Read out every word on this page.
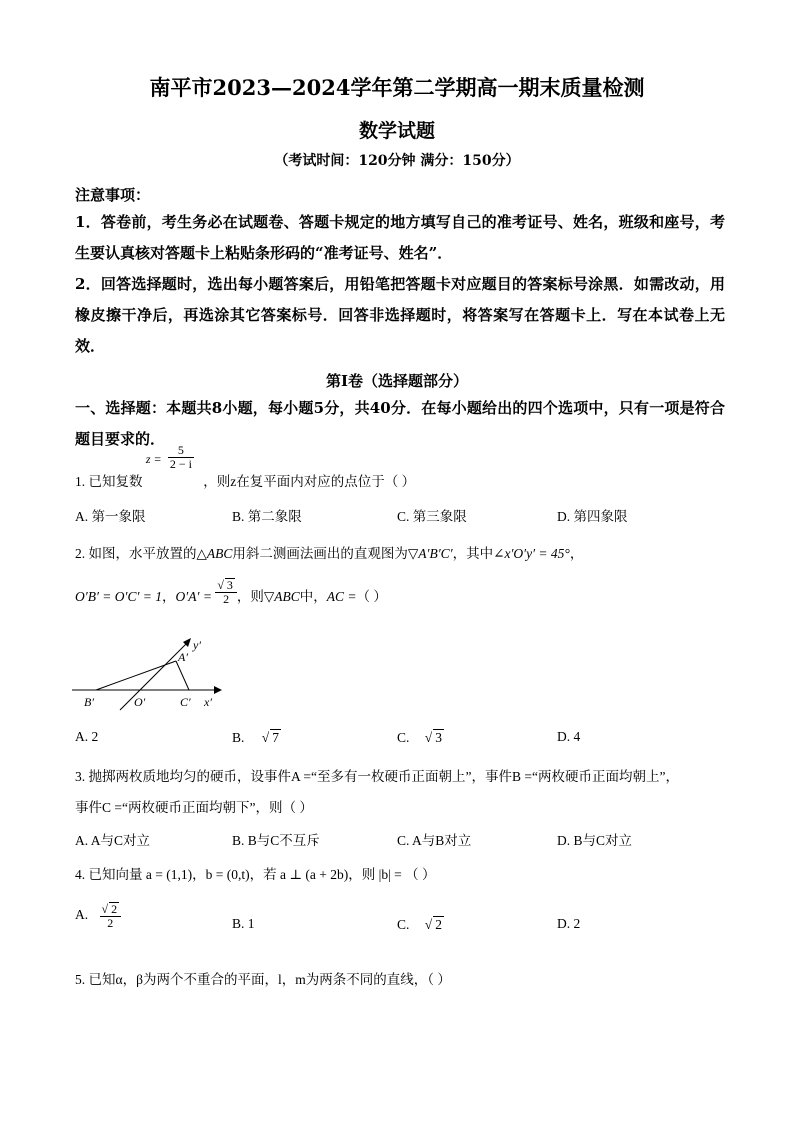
南平市2023—2024学年第二学期高一期末质量检测
数学试题
（考试时间：120分钟 满分：150分）
注意事项：
1．答卷前，考生务必在试题卷、答题卡规定的地方填写自己的准考证号、姓名，班级和座号，考生要认真核对答题卡上粘贴条形码的“准考证号、姓名”．
2．回答选择题时，选出每小题答案后，用铅笔把答题卡对应题目的答案标号涂黑．如需改动，用橡皮擦干净后，再选涂其它答案标号．回答非选择题时，将答案写在答题卡上．写在本试卷上无效．
第Ⅰ卷（选择题部分）
一、选择题：本题共8小题，每小题5分，共40分．在每小题给出的四个选项中，只有一项是符合题目要求的．
1. 已知复数
$z = \frac{5}{2 - i}$
，则z在复平面内对应的点位于（ ）
A. 第一象限	B. 第二象限	C. 第三象限	D. 第四象限
2. 如图，水平放置的△ABC用斜二测画法画出的直观图为▽A′B′C′，其中∠x′O′y′ = 45°，
O′B′ = O′C′ = 1，$O'A' = \frac{√ 3}{2}$ ，则▽ABC中，AC =（ ）
A′
y′
B′	O′	C′ x′
A. 2	B. √ 7	C. √ 3	D. 4
3. 抛掷两枚质地均匀的硬币，设事件A =“至多有一枚硬币正面朝上”，事件B =“两枚硬币正面均朝上”，
事件C =“两枚硬币正面均朝下”，则（ ）
A. A与C对立	B. B与C不互斥	C. A与B对立	D. B与C对立
4. 已知向量 a = (1,1)，b = (0,t)，若 a ⊥ (a + 2b)，则 |b| = （ ）
A. $\frac{√ 2}{2}$	B. 1	C. √ 2	D. 2
5. 已知α，β为两个不重合的平面，l，m为两条不同的直线，（ ）
